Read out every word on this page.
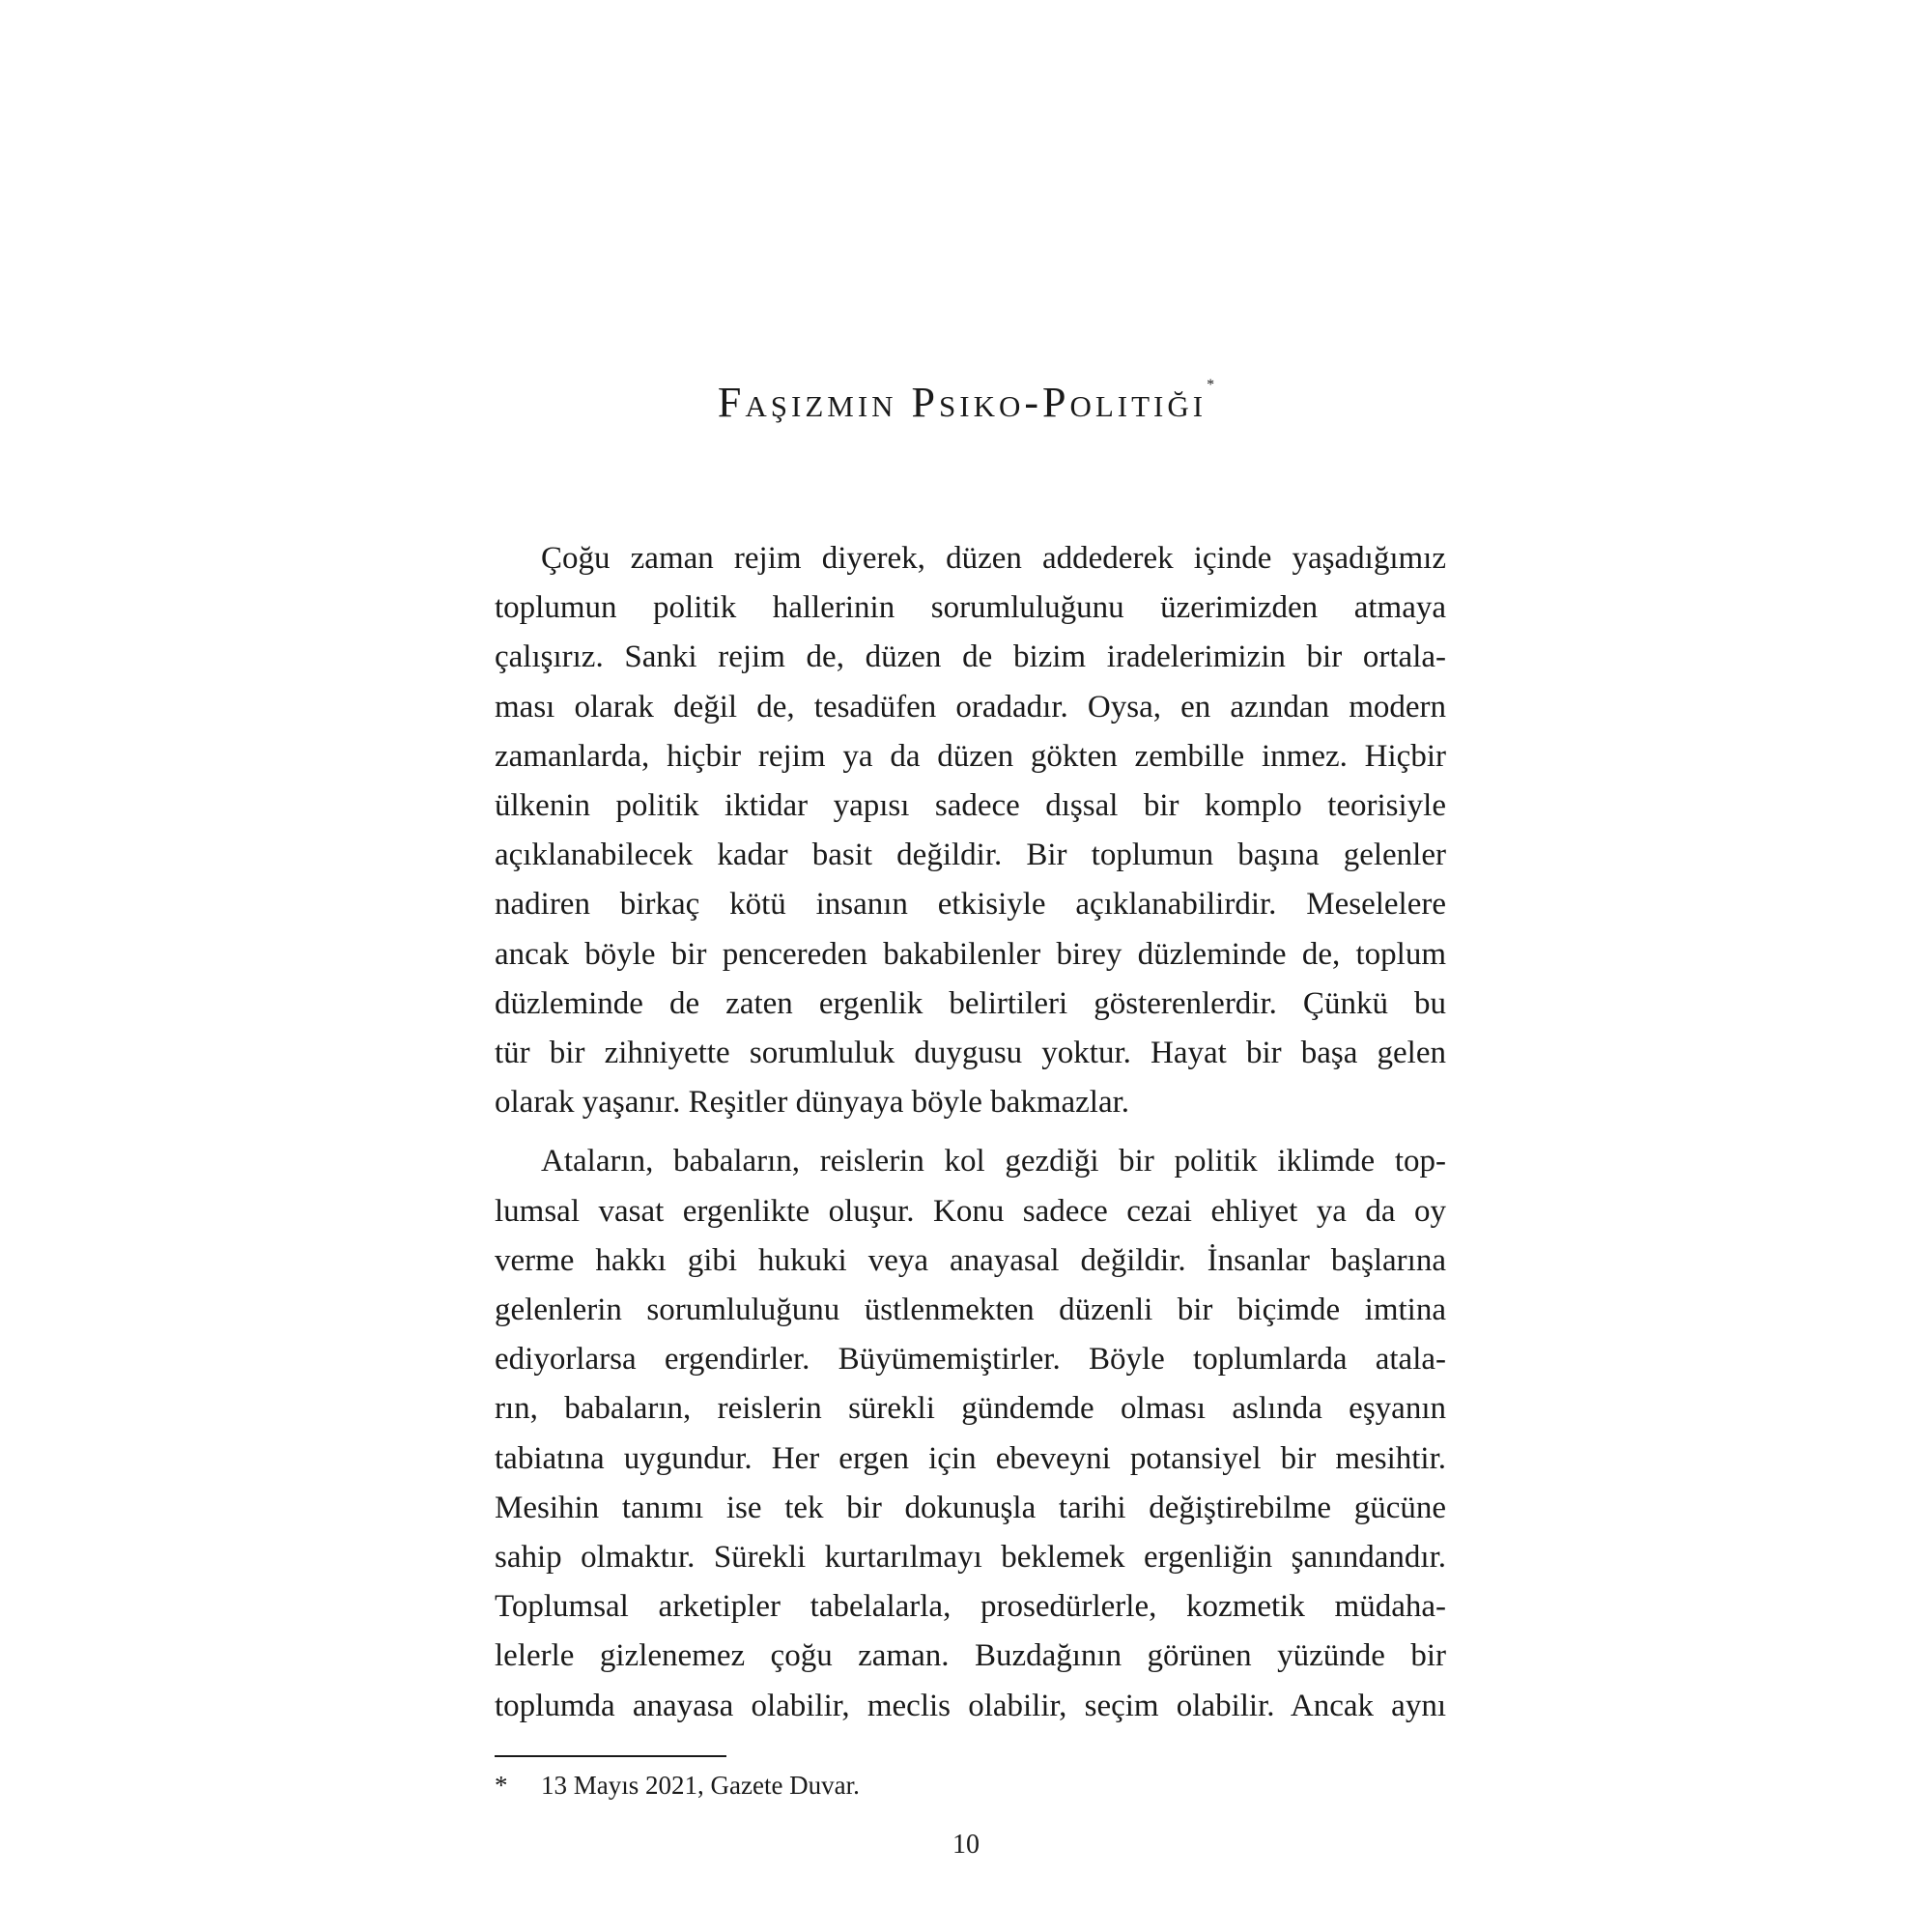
Faşizmin Psiko-Politiği*

Çoğu zaman rejim diyerek, düzen addederek içinde yaşadığımız
toplumun politik hallerinin sorumluluğunu üzerimizden atmaya
çalışırız. Sanki rejim de, düzen de bizim iradelerimizin bir ortala-
ması olarak değil de, tesadüfen oradadır. Oysa, en azından modern
zamanlarda, hiçbir rejim ya da düzen gökten zembille inmez. Hiçbir
ülkenin politik iktidar yapısı sadece dışsal bir komplo teorisiyle
açıklanabilecek kadar basit değildir. Bir toplumun başına gelenler
nadiren birkaç kötü insanın etkisiyle açıklanabilirdir. Meselelere
ancak böyle bir pencereden bakabilenler birey düzleminde de, toplum
düzleminde de zaten ergenlik belirtileri gösterenlerdir. Çünkü bu
tür bir zihniyette sorumluluk duygusu yoktur. Hayat bir başa gelen
olarak yaşanır. Reşitler dünyaya böyle bakmazlar.

Ataların, babaların, reislerin kol gezdiği bir politik iklimde top-
lumsal vasat ergenlikte oluşur. Konu sadece cezai ehliyet ya da oy
verme hakkı gibi hukuki veya anayasal değildir. İnsanlar başlarına
gelenlerin sorumluluğunu üstlenmekten düzenli bir biçimde imtina
ediyorlarsa ergendirler. Büyümemiştirler. Böyle toplumlarda atala-
rın, babaların, reislerin sürekli gündemde olması aslında eşyanın
tabiatına uygundur. Her ergen için ebeveyni potansiyel bir mesihtir.
Mesihin tanımı ise tek bir dokunuşla tarihi değiştirebilme gücüne
sahip olmaktır. Sürekli kurtarılmayı beklemek ergenliğin şanındandır.
Toplumsal arketipler tabelalarla, prosedürlerle, kozmetik müdaha-
lelerle gizlenemez çoğu zaman. Buzdağının görünen yüzünde bir
toplumda anayasa olabilir, meclis olabilir, seçim olabilir. Ancak aynı

* 13 Mayıs 2021, Gazete Duvar.
10
